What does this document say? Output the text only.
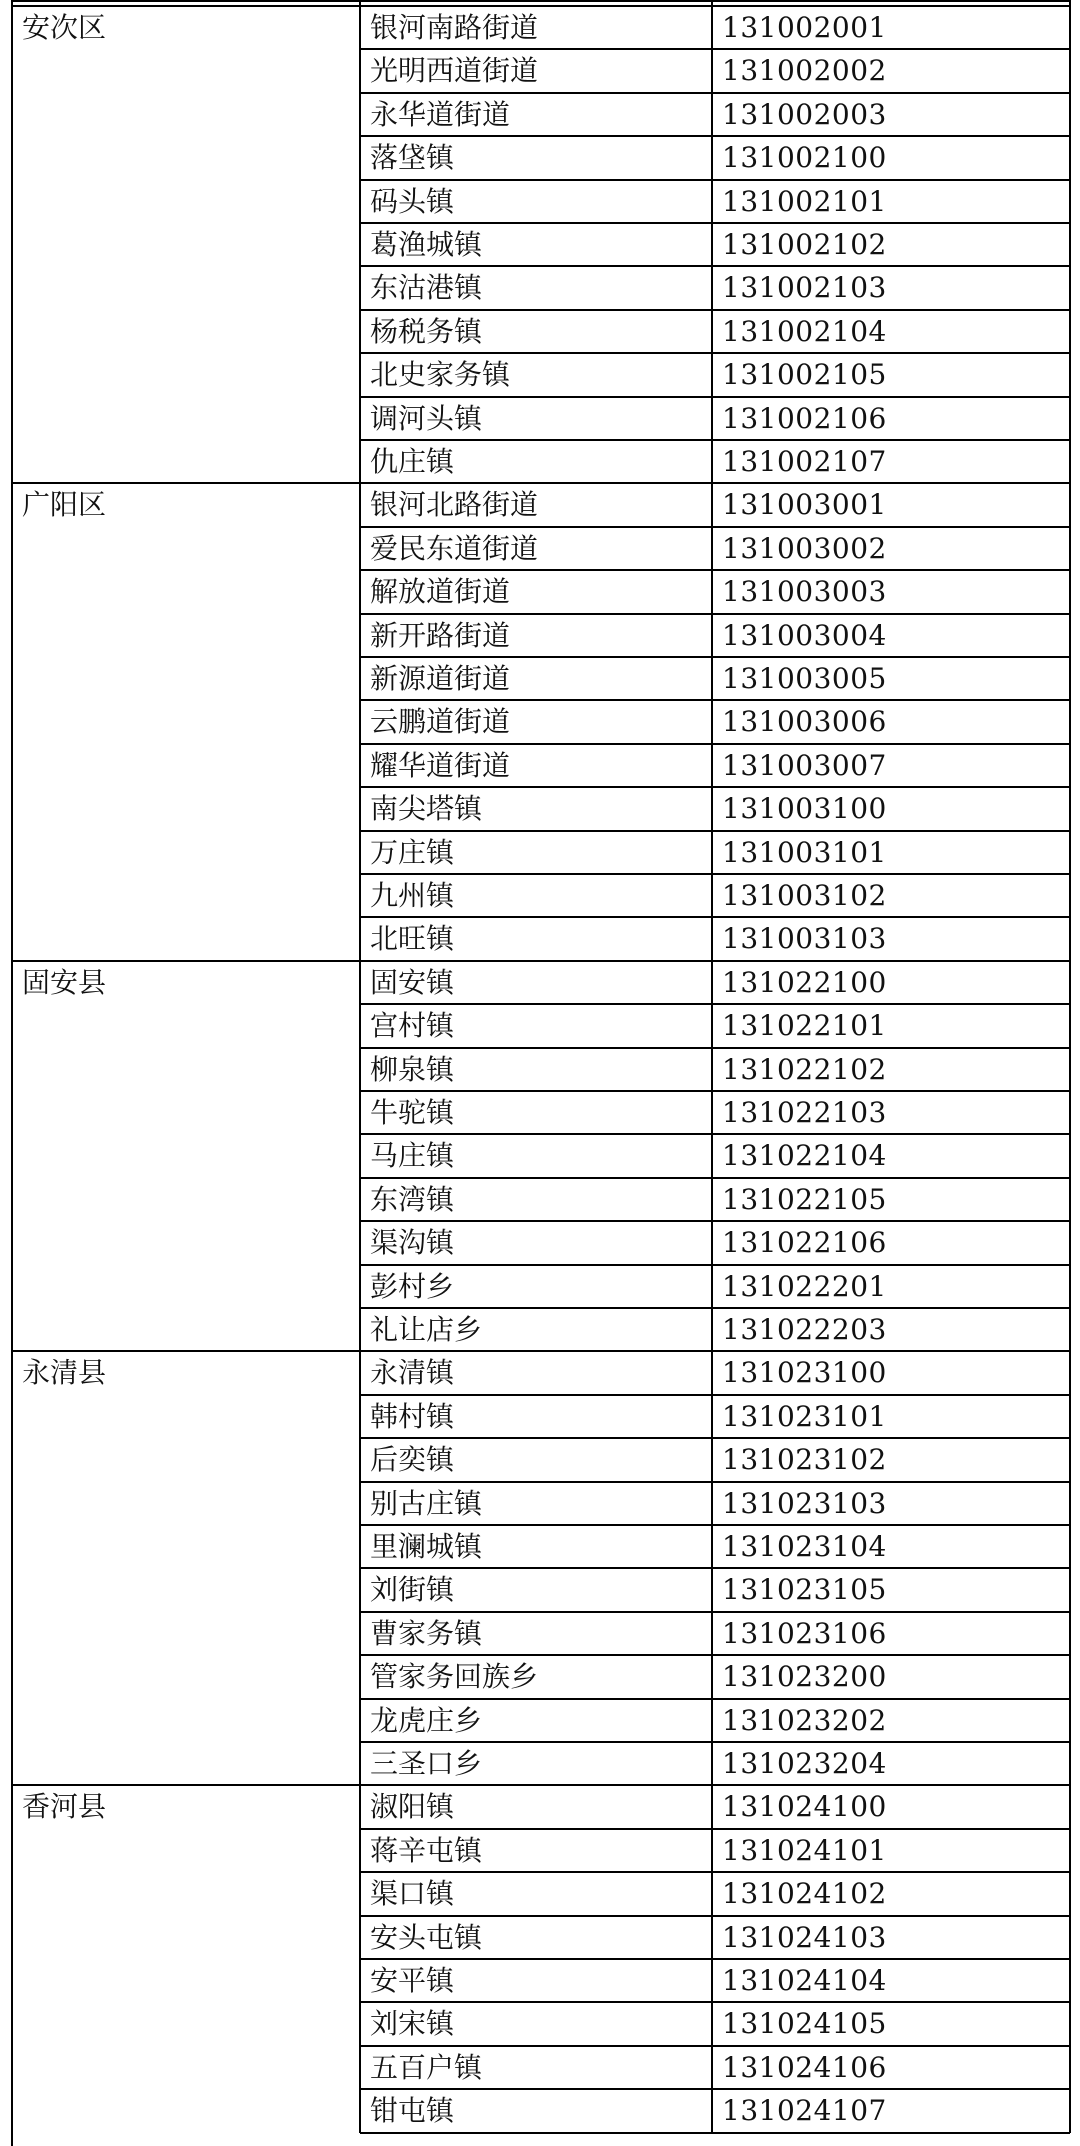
安次区	银河南路街道	131002001
光明西道街道	131002002
永华道街道	131002003
落垡镇	131002100
码头镇	131002101
葛渔城镇	131002102
东沽港镇	131002103
杨税务镇	131002104
北史家务镇	131002105
调河头镇	131002106
仇庄镇	131002107
广阳区	银河北路街道	131003001
爱民东道街道	131003002
解放道街道	131003003
新开路街道	131003004
新源道街道	131003005
云鹏道街道	131003006
耀华道街道	131003007
南尖塔镇	131003100
万庄镇	131003101
九州镇	131003102
北旺镇	131003103
固安县	固安镇	131022100
宫村镇	131022101
柳泉镇	131022102
牛驼镇	131022103
马庄镇	131022104
东湾镇	131022105
渠沟镇	131022106
彭村乡	131022201
礼让店乡	131022203
永清县	永清镇	131023100
韩村镇	131023101
后奕镇	131023102
别古庄镇	131023103
里澜城镇	131023104
刘街镇	131023105
曹家务镇	131023106
管家务回族乡	131023200
龙虎庄乡	131023202
三圣口乡	131023204
香河县	淑阳镇	131024100
蒋辛屯镇	131024101
渠口镇	131024102
安头屯镇	131024103
安平镇	131024104
刘宋镇	131024105
五百户镇	131024106
钳屯镇	131024107
